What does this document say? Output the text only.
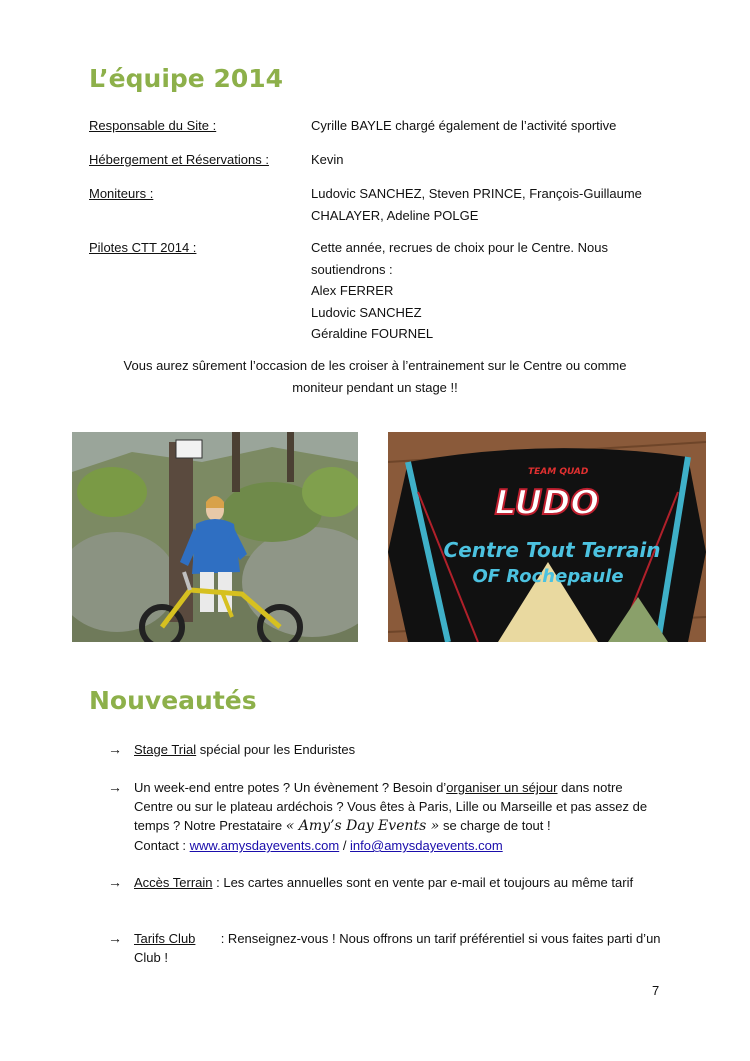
L’équipe 2014
Responsable du Site :	Cyrille BAYLE chargé également de l’activité sportive
Hébergement et Réservations :	Kevin
Moniteurs :	Ludovic SANCHEZ, Steven PRINCE, François-Guillaume
CHALAYER, Adeline POLGE
Pilotes CTT 2014 :	Cette année, recrues de choix pour le Centre. Nous
soutiendrons :
Alex FERRER
Ludovic SANCHEZ
Géraldine FOURNEL
Vous aurez sûrement l’occasion de les croiser à l’entrainement sur le Centre ou comme
moniteur pendant un stage !!
TEAM QUAD
LUDO
Centre Tout Terrain
OF Rochepaule
Nouveautés
→ Stage Trial spécial pour les Enduristes
→ Un week-end entre potes ? Un évènement ? Besoin d’organiser un séjour dans notre Centre ou sur le plateau ardéchois ? Vous êtes à Paris, Lille ou Marseille et pas assez de temps ? Notre Prestataire « Amy’s Day Events » se charge de tout !
Contact : www.amysdayevents.com / info@amysdayevents.com
→ Accès Terrain : Les cartes annuelles sont en vente par e-mail et toujours au même tarif
→ Tarifs Club       : Renseignez-vous ! Nous offrons un tarif préférentiel si vous faites parti d’un Club !
7
